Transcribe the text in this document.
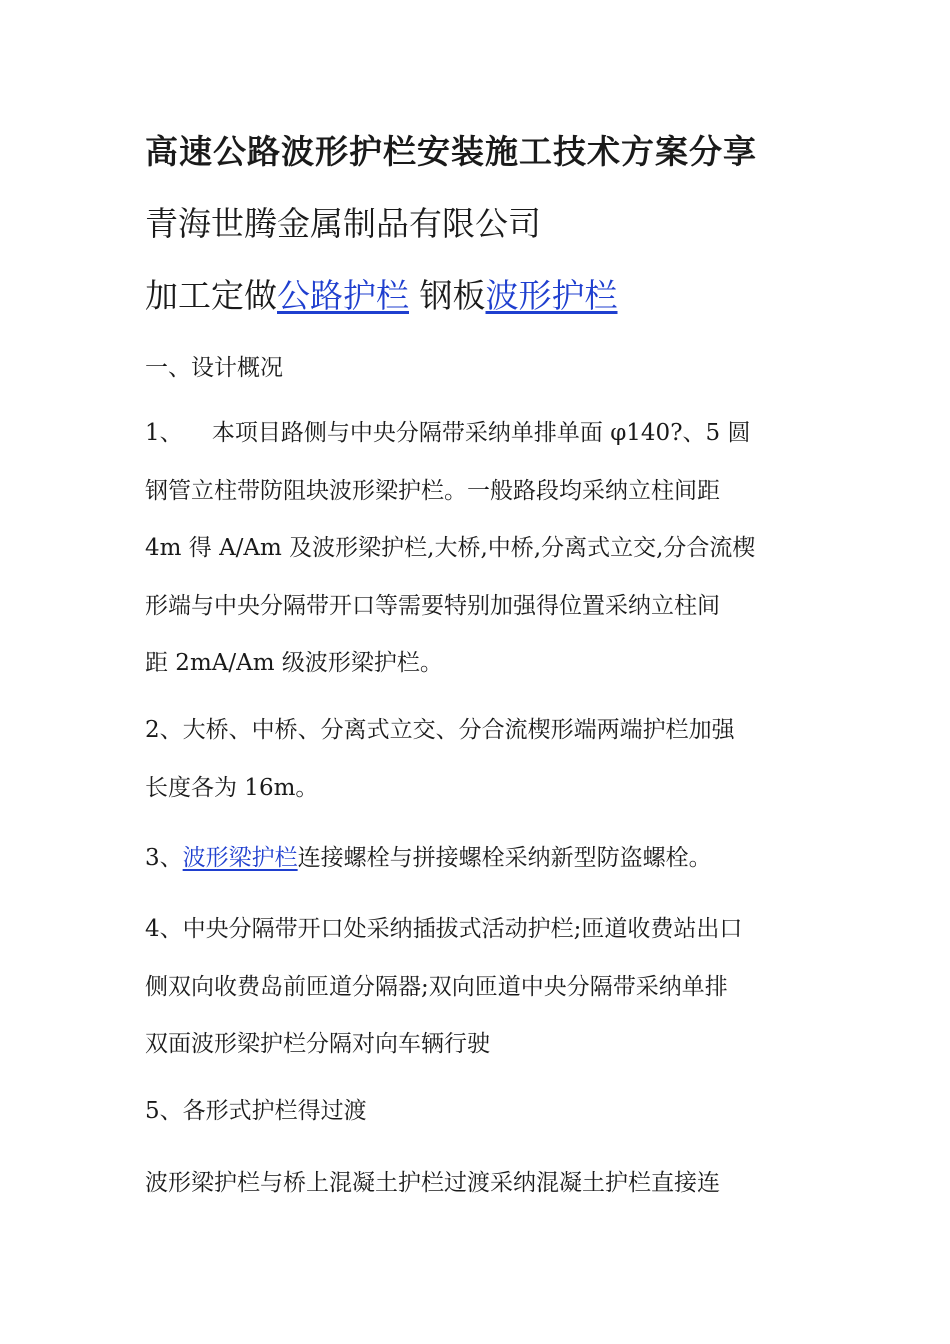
高速公路波形护栏安装施工技术方案分享

青海世腾金属制品有限公司

加工定做公路护栏 钢板波形护栏

一、设计概况

1、    本项目路侧与中央分隔带采纳单排单面 φ140?、5 圆
钢管立柱带防阻块波形梁护栏。一般路段均采纳立柱间距
4m 得 A/Am 及波形梁护栏,大桥,中桥,分离式立交,分合流楔
形端与中央分隔带开口等需要特别加强得位置采纳立柱间
距 2mA/Am 级波形梁护栏。
2、大桥、中桥、分离式立交、分合流楔形端两端护栏加强
长度各为 16m。
3、波形梁护栏连接螺栓与拼接螺栓采纳新型防盗螺栓。
4、中央分隔带开口处采纳插拔式活动护栏;匝道收费站出口
侧双向收费岛前匝道分隔器;双向匝道中央分隔带采纳单排
双面波形梁护栏分隔对向车辆行驶
5、各形式护栏得过渡
波形梁护栏与桥上混凝土护栏过渡采纳混凝土护栏直接连
